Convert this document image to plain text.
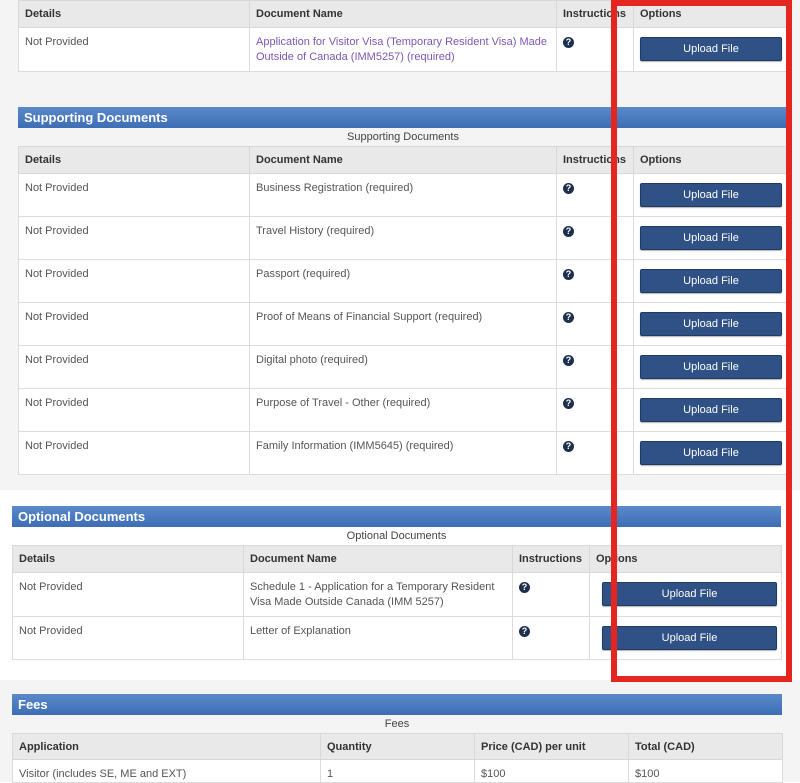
Details	Document Name	Instructions	Options
Not Provided	Application for Visitor Visa (Temporary Resident Visa) Made Outside of Canada (IMM5257) (required)	?	Upload File
Supporting Documents
Supporting Documents
Details	Document Name	Instructions	Options
Not Provided	Business Registration (required)	?	Upload File

Not Provided	Travel History (required)	?	Upload File

Not Provided	Passport (required)	?	Upload File

Not Provided	Proof of Means of Financial Support (required)	?	Upload File

Not Provided	Digital photo (required)	?	Upload File

Not Provided	Purpose of Travel - Other (required)	?	Upload File

Not Provided	Family Information (IMM5645) (required)	?	Upload File
Optional Documents
Optional Documents
Details	Document Name	Instructions	Options
Not Provided	Schedule 1 - Application for a Temporary Resident Visa Made Outside Canada (IMM 5257)	?	Upload File

Not Provided	Letter of Explanation	?	Upload File
Fees
Fees
Application	Quantity	Price (CAD) per unit	Total (CAD)
Visitor (includes SE, ME and EXT)	1	$100	$100
